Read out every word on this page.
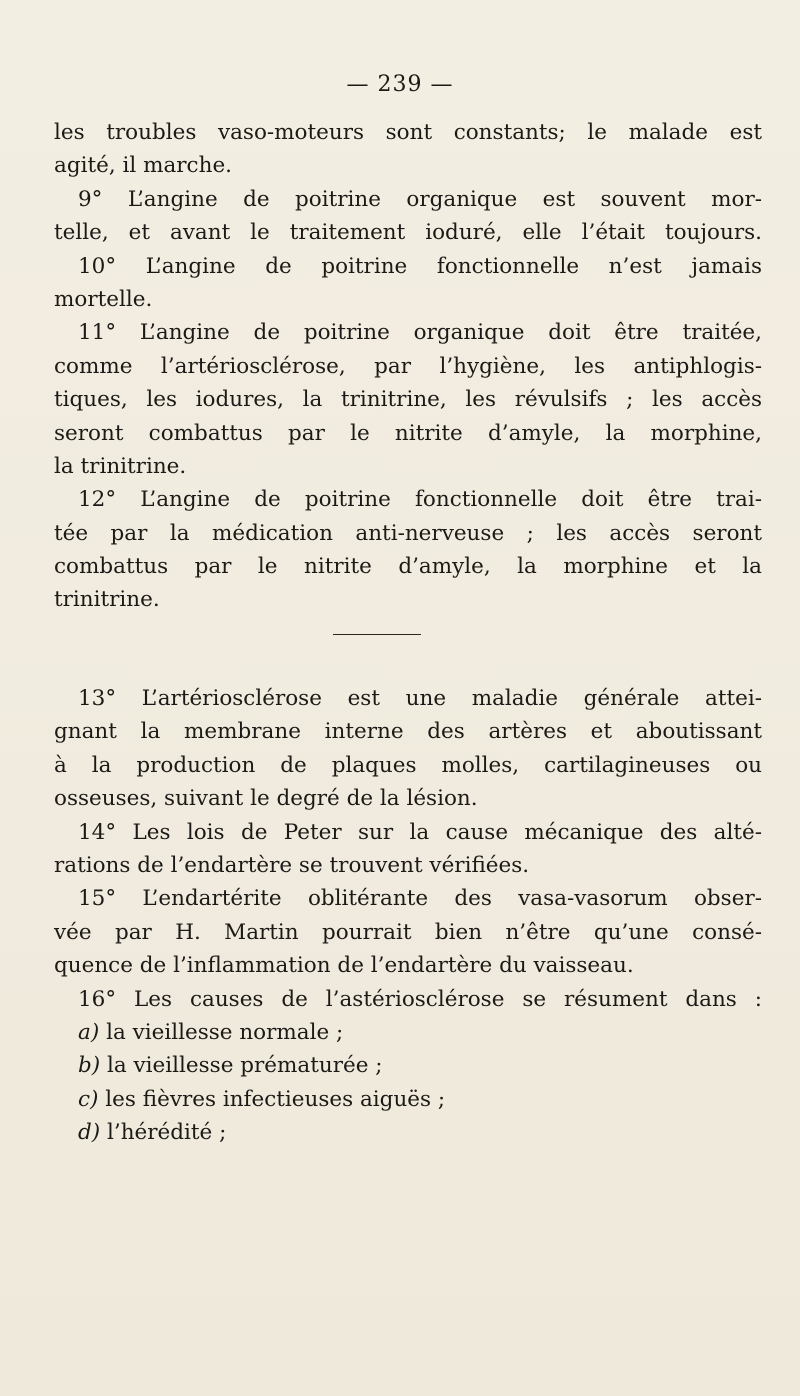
— 239 —
les troubles vaso-moteurs sont constants; le malade est
agité, il marche.
9° L’angine de poitrine organique est souvent mor-
telle, et avant le traitement ioduré, elle l’était toujours.
10° L’angine de poitrine fonctionnelle n’est jamais
mortelle.
11° L’angine de poitrine organique doit être traitée,
comme l’artériosclérose, par l’hygiène, les antiphlogis-
tiques, les iodures, la trinitrine, les révulsifs ; les accès
seront combattus par le nitrite d’amyle, la morphine,
la trinitrine.
12° L’angine de poitrine fonctionnelle doit être trai-
tée par la médication anti-nerveuse ; les accès seront
combattus par le nitrite d’amyle, la morphine et la
trinitrine.
13° L’artériosclérose est une maladie générale attei-
gnant la membrane interne des artères et aboutissant
à la production de plaques molles, cartilagineuses ou
osseuses, suivant le degré de la lésion.
14° Les lois de Peter sur la cause mécanique des alté-
rations de l’endartère se trouvent vérifiées.
15° L’endartérite oblitérante des vasa-vasorum obser-
vée par H. Martin pourrait bien n’être qu’une consé-
quence de l’inflammation de l’endartère du vaisseau.
16° Les causes de l’astériosclérose se résument dans :
a) la vieillesse normale ;
b) la vieillesse prématurée ;
c) les fièvres infectieuses aiguës ;
d) l’hérédité ;
